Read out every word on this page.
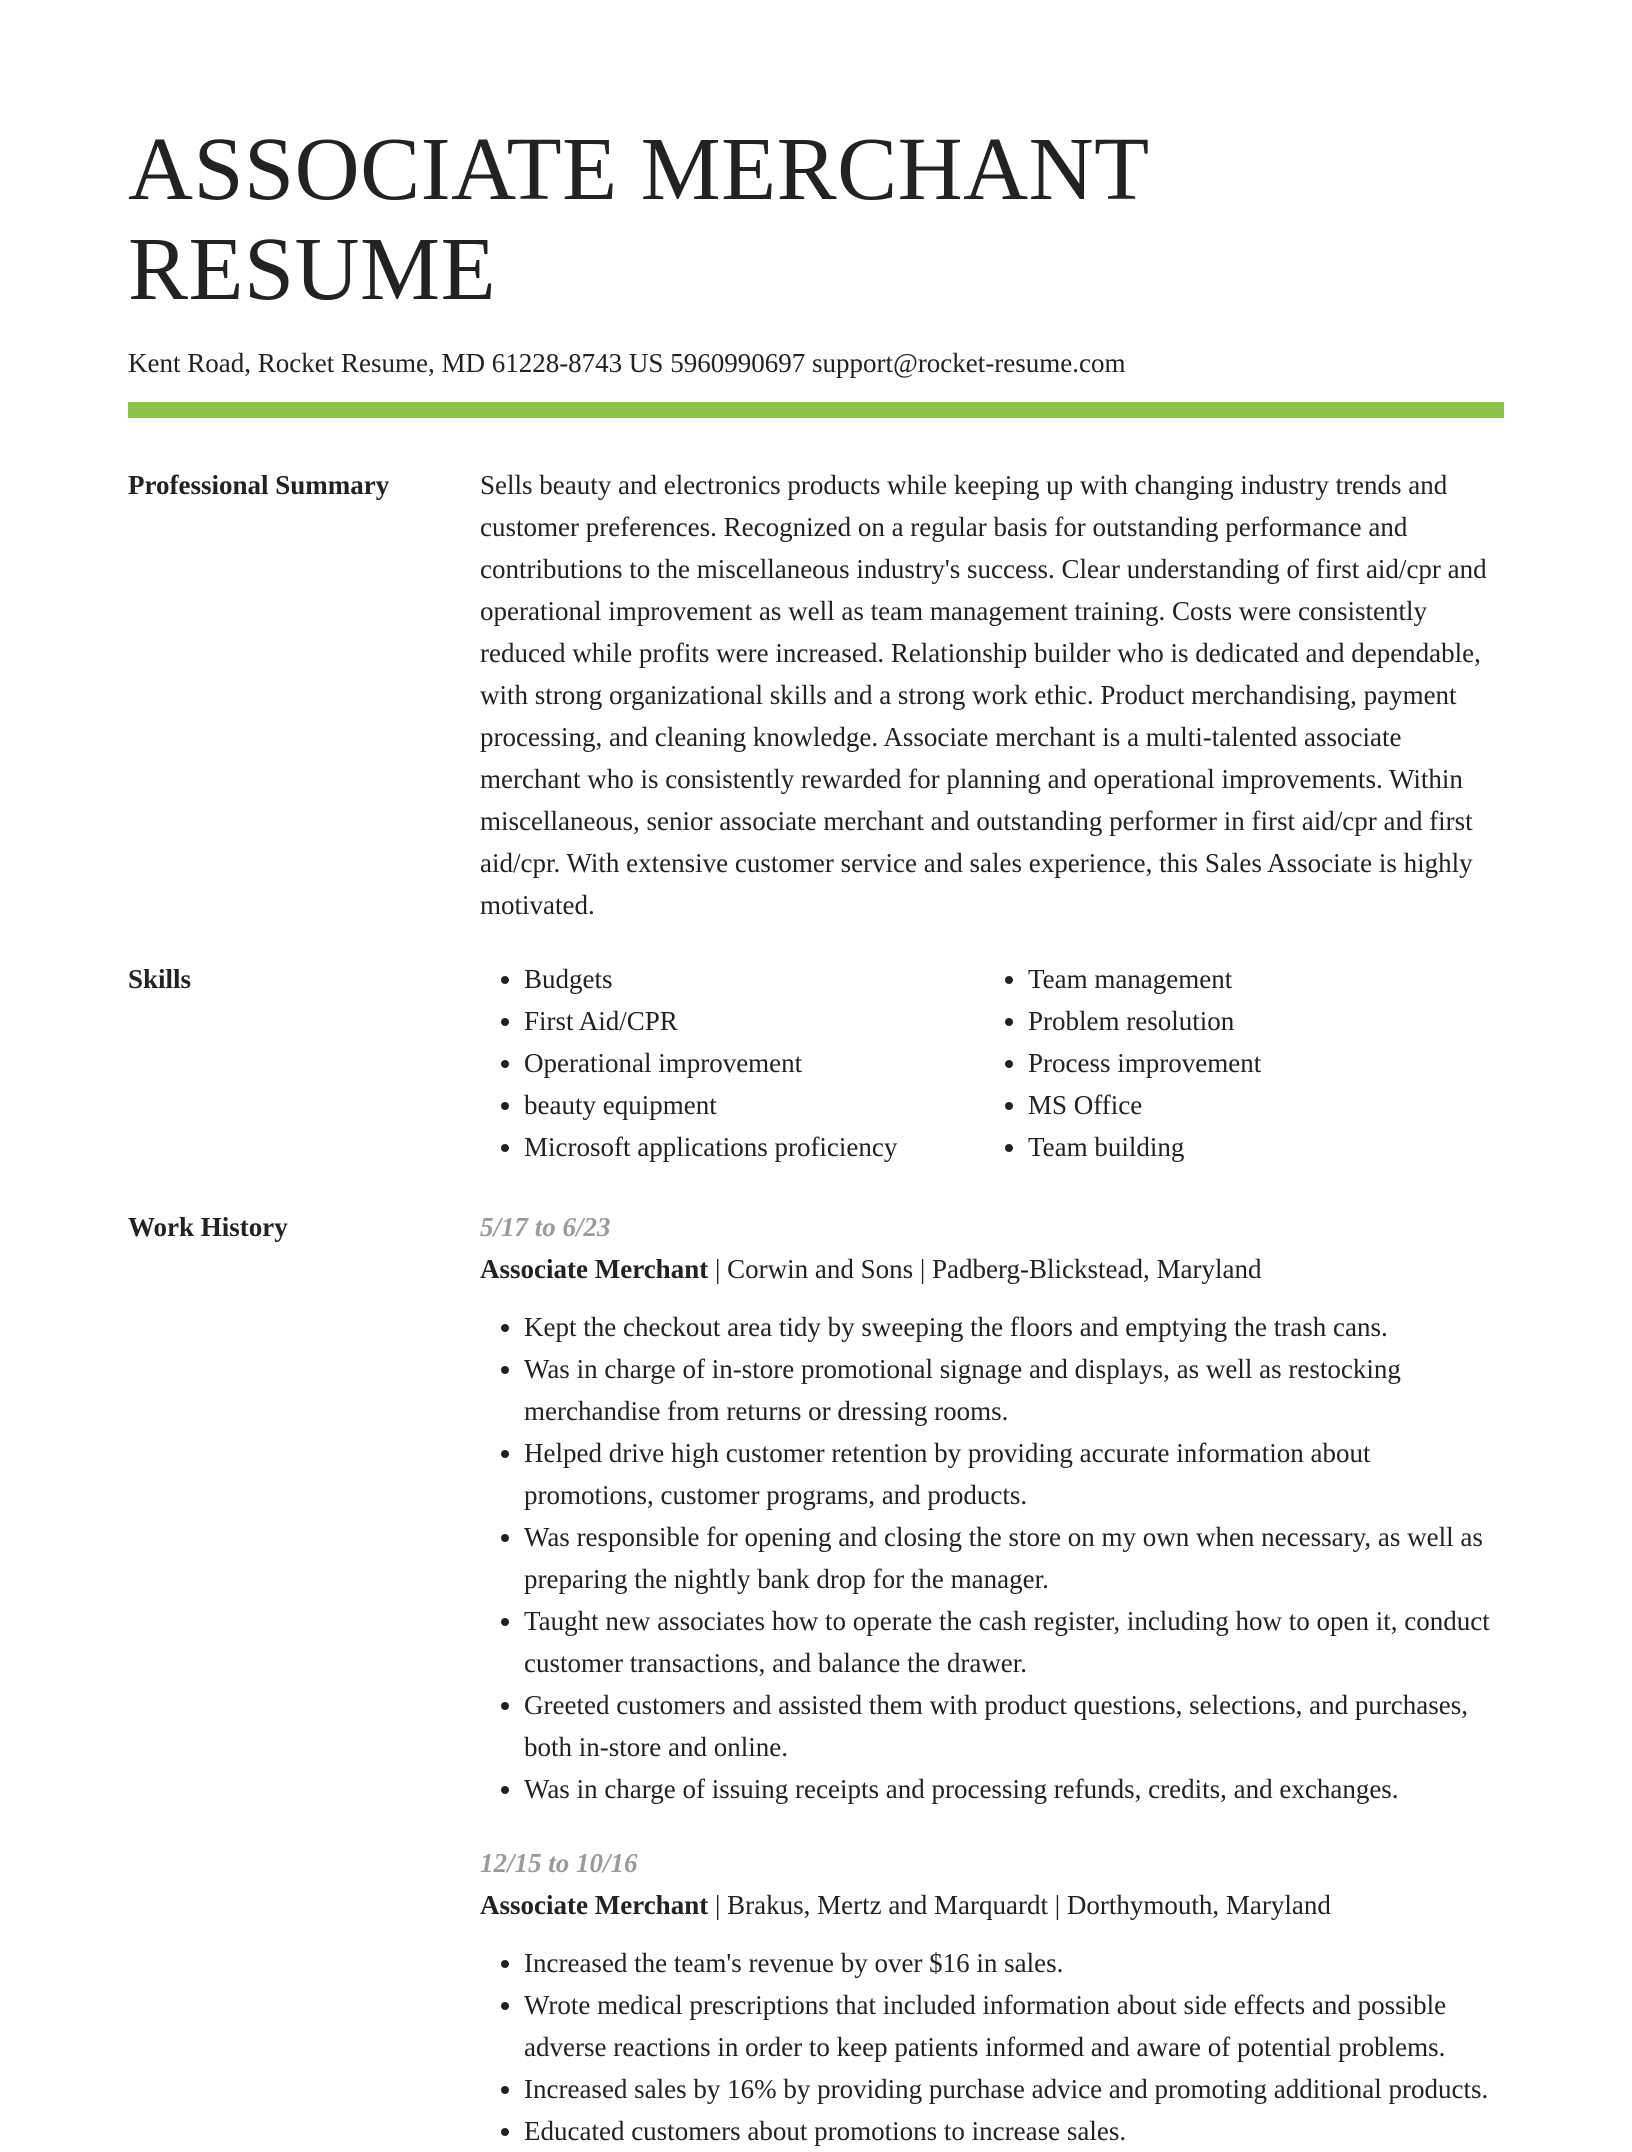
ASSOCIATE MERCHANT RESUME
Kent Road, Rocket Resume, MD 61228-8743 US 5960990697 support@rocket-resume.com
Professional Summary	Sells beauty and electronics products while keeping up with changing industry trends and customer preferences. Recognized on a regular basis for outstanding performance and contributions to the miscellaneous industry's success. Clear understanding of first aid/cpr and operational improvement as well as team management training. Costs were consistently reduced while profits were increased. Relationship builder who is dedicated and dependable, with strong organizational skills and a strong work ethic. Product merchandising, payment processing, and cleaning knowledge. Associate merchant is a multi-talented associate merchant who is consistently rewarded for planning and operational improvements. Within miscellaneous, senior associate merchant and outstanding performer in first aid/cpr and first aid/cpr. With extensive customer service and sales experience, this Sales Associate is highly motivated.

Skills
•	Budgets
• First Aid/CPR
• Operational improvement
• beauty equipment
• Microsoft applications proficiency
• Team management
• Problem resolution
• Process improvement
• MS Office
• Team building
Work History	5/17 to 6/23
Associate Merchant | Corwin and Sons | Padberg-Blickstead, Maryland
• Kept the checkout area tidy by sweeping the floors and emptying the trash cans.
• Was in charge of in-store promotional signage and displays, as well as restocking merchandise from returns or dressing rooms.
• Helped drive high customer retention by providing accurate information about promotions, customer programs, and products.
• Was responsible for opening and closing the store on my own when necessary, as well as preparing the nightly bank drop for the manager.
• Taught new associates how to operate the cash register, including how to open it, conduct customer transactions, and balance the drawer.
• Greeted customers and assisted them with product questions, selections, and purchases, both in-store and online.
• Was in charge of issuing receipts and processing refunds, credits, and exchanges.
12/15 to 10/16
Associate Merchant | Brakus, Mertz and Marquardt | Dorthymouth, Maryland
• Increased the team's revenue by over $16 in sales.
• Wrote medical prescriptions that included information about side effects and possible adverse reactions in order to keep patients informed and aware of potential problems.
• Increased sales by 16% by providing purchase advice and promoting additional products.
• Educated customers about promotions to increase sales.
